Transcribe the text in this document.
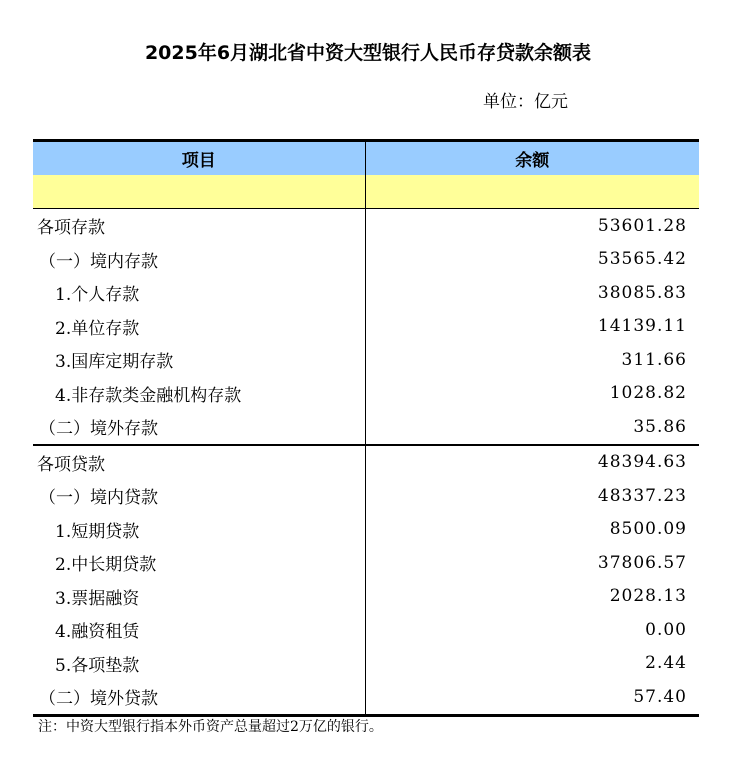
2025年6月湖北省中资大型银行人民币存贷款余额表
单位：亿元
项目	余额

各项存款	53601.28
（一）境内存款	53565.42
1.个人存款	38085.83
2.单位存款	14139.11
3.国库定期存款	311.66
4.非存款类金融机构存款	1028.82
（二）境外存款	35.86
各项贷款	48394.63
（一）境内贷款	48337.23
1.短期贷款	8500.09
2.中长期贷款	37806.57
3.票据融资	2028.13
4.融资租赁	0.00
5.各项垫款	2.44
（二）境外贷款	57.40
注：中资大型银行指本外币资产总量超过2万亿的银行。
